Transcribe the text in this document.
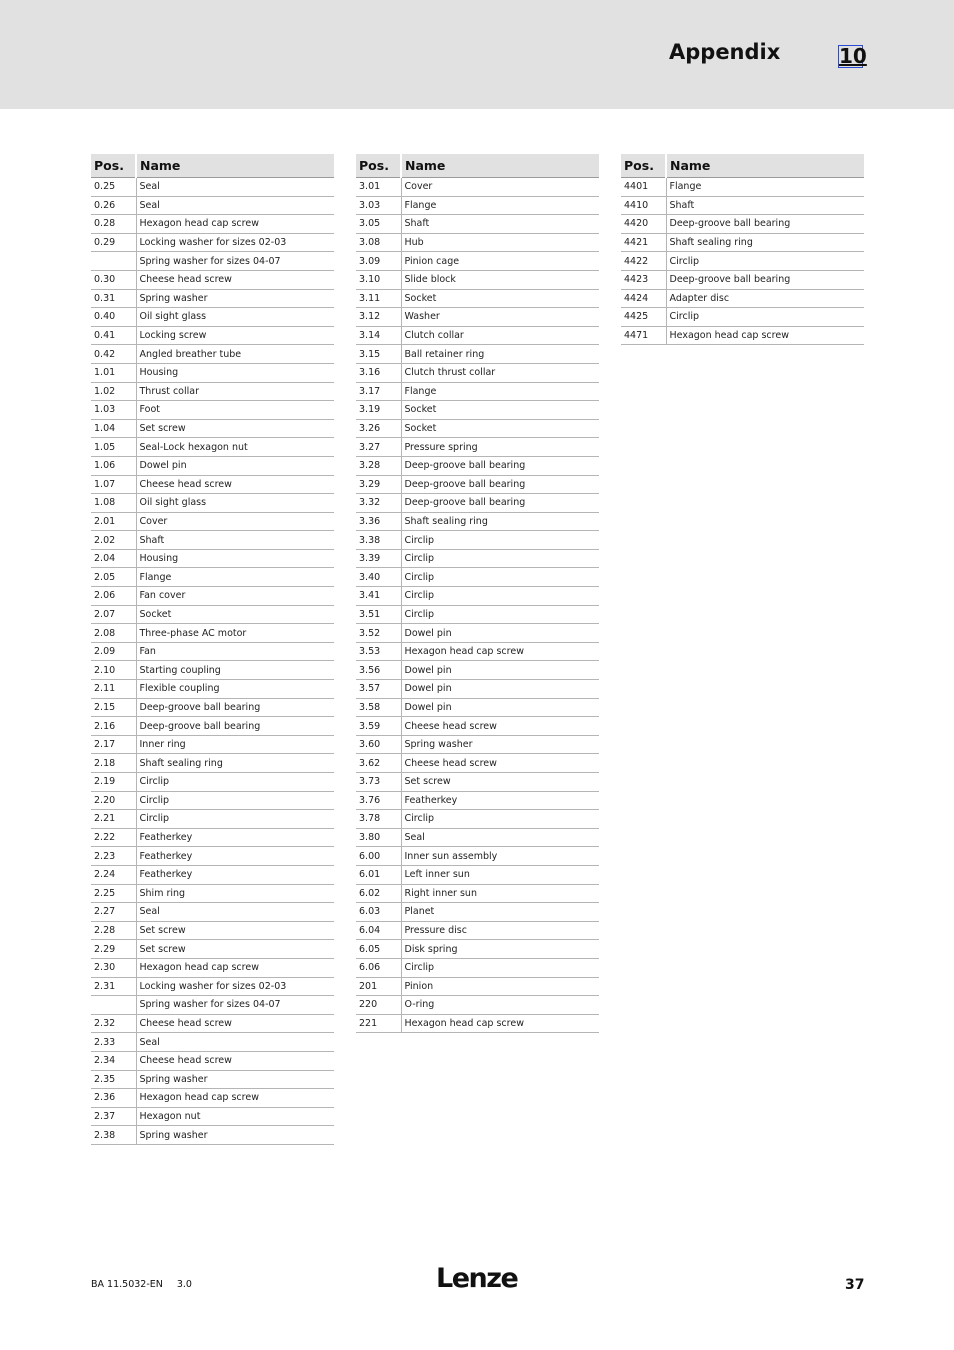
Appendix	10
Pos.	Name
0.25	Seal
0.26	Seal
0.28	Hexagon head cap screw
0.29	Locking washer for sizes 02-03
	Spring washer for sizes 04-07
0.30	Cheese head screw
0.31	Spring washer
0.40	Oil sight glass
0.41	Locking screw
0.42	Angled breather tube
1.01	Housing
1.02	Thrust collar
1.03	Foot
1.04	Set screw
1.05	Seal-Lock hexagon nut
1.06	Dowel pin
1.07	Cheese head screw
1.08	Oil sight glass
2.01	Cover
2.02	Shaft
2.04	Housing
2.05	Flange
2.06	Fan cover
2.07	Socket
2.08	Three-phase AC motor
2.09	Fan
2.10	Starting coupling
2.11	Flexible coupling
2.15	Deep-groove ball bearing
2.16	Deep-groove ball bearing
2.17	Inner ring
2.18	Shaft sealing ring
2.19	Circlip
2.20	Circlip
2.21	Circlip
2.22	Featherkey
2.23	Featherkey
2.24	Featherkey
2.25	Shim ring
2.27	Seal
2.28	Set screw
2.29	Set screw
2.30	Hexagon head cap screw
2.31	Locking washer for sizes 02-03
	Spring washer for sizes 04-07
2.32	Cheese head screw
2.33	Seal
2.34	Cheese head screw
2.35	Spring washer
2.36	Hexagon head cap screw
2.37	Hexagon nut
2.38	Spring washer
Pos.	Name
3.01	Cover
3.03	Flange
3.05	Shaft
3.08	Hub
3.09	Pinion cage
3.10	Slide block
3.11	Socket
3.12	Washer
3.14	Clutch collar
3.15	Ball retainer ring
3.16	Clutch thrust collar
3.17	Flange
3.19	Socket
3.26	Socket
3.27	Pressure spring
3.28	Deep-groove ball bearing
3.29	Deep-groove ball bearing
3.32	Deep-groove ball bearing
3.36	Shaft sealing ring
3.38	Circlip
3.39	Circlip
3.40	Circlip
3.41	Circlip
3.51	Circlip
3.52	Dowel pin
3.53	Hexagon head cap screw
3.56	Dowel pin
3.57	Dowel pin
3.58	Dowel pin
3.59	Cheese head screw
3.60	Spring washer
3.62	Cheese head screw
3.73	Set screw
3.76	Featherkey
3.78	Circlip
3.80	Seal
6.00	Inner sun assembly
6.01	Left inner sun
6.02	Right inner sun
6.03	Planet
6.04	Pressure disc
6.05	Disk spring
6.06	Circlip
201	Pinion
220	O-ring
221	Hexagon head cap screw
Pos.	Name
4401	Flange
4410	Shaft
4420	Deep-groove ball bearing
4421	Shaft sealing ring
4422	Circlip
4423	Deep-groove ball bearing
4424	Adapter disc
4425	Circlip
4471	Hexagon head cap screw
BA 11.5032-EN 3.0	Lenze	37
